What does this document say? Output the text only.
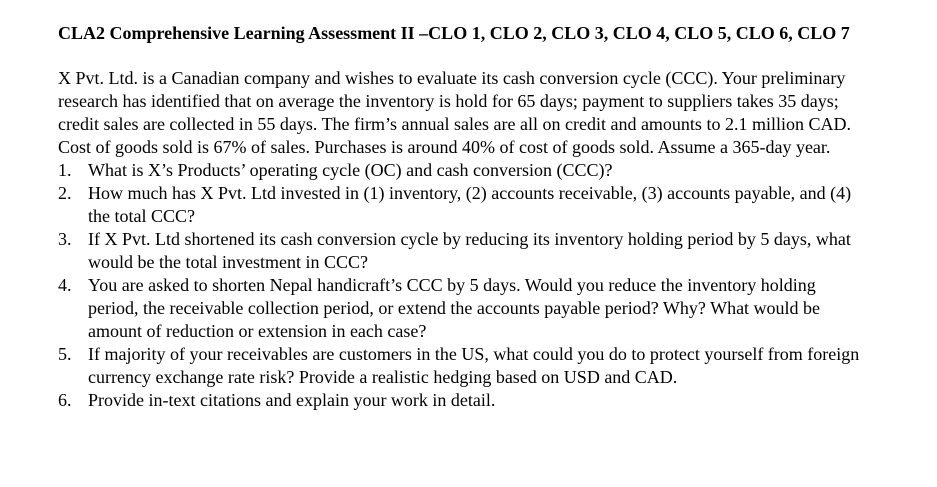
CLA2 Comprehensive Learning Assessment II –CLO 1, CLO 2, CLO 3, CLO 4, CLO 5, CLO 6, CLO 7

X Pvt. Ltd. is a Canadian company and wishes to evaluate its cash conversion cycle (CCC). Your preliminary research has identified that on average the inventory is hold for 65 days; payment to suppliers takes 35 days; credit sales are collected in 55 days. The firm’s annual sales are all on credit and amounts to 2.1 million CAD. Cost of goods sold is 67% of sales. Purchases is around 40% of cost of goods sold. Assume a 365-day year.

1. What is X’s Products’ operating cycle (OC) and cash conversion (CCC)?
2. How much has X Pvt. Ltd invested in (1) inventory, (2) accounts receivable, (3) accounts payable, and (4) the total CCC?
3. If X Pvt. Ltd shortened its cash conversion cycle by reducing its inventory holding period by 5 days, what would be the total investment in CCC?
4. You are asked to shorten Nepal handicraft’s CCC by 5 days. Would you reduce the inventory holding period, the receivable collection period, or extend the accounts payable period? Why? What would be amount of reduction or extension in each case?
5. If majority of your receivables are customers in the US, what could you do to protect yourself from foreign currency exchange rate risk? Provide a realistic hedging based on USD and CAD.
6. Provide in-text citations and explain your work in detail.
